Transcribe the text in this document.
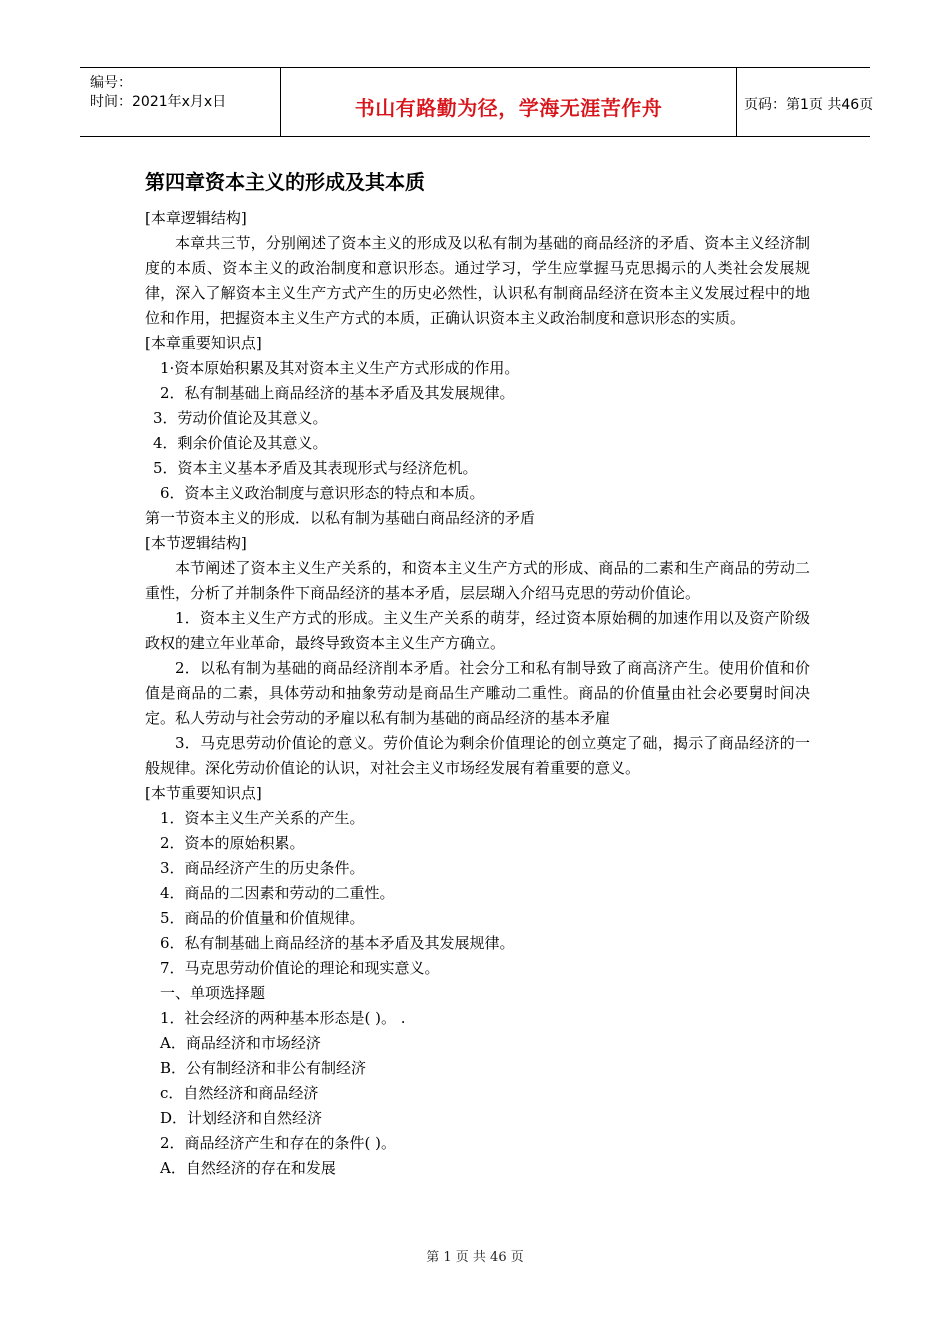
编号：
时间：2021年x月x日	书山有路勤为径，学海无涯苦作舟	页码：第1页 共46页
第四章资本主义的形成及其本质

[本章逻辑结构]

本章共三节，分别阐述了资本主义的形成及以私有制为基础的商品经济的矛盾、资本主义经济制度的本质、资本主义的政治制度和意识形态。通过学习，学生应掌握马克思揭示的人类社会发展规律，深入了解资本主义生产方式产生的历史必然性，认识私有制商品经济在资本主义发展过程中的地位和作用，把握资本主义生产方式的本质，正确认识资本主义政治制度和意识形态的实质。

[本章重要知识点]

1·资本原始积累及其对资本主义生产方式形成的作用。

2．私有制基础上商品经济的基本矛盾及其发展规律。

3．劳动价值论及其意义。

4．剩余价值论及其意义。

5．资本主义基本矛盾及其表现形式与经济危机。

6．资本主义政治制度与意识形态的特点和本质。

第一节资本主义的形成．以私有制为基础白商品经济的矛盾

[本节逻辑结构]

本节阐述了资本主义生产关系的，和资本主义生产方式的形成、商品的二素和生产商品的劳动二重性，分析了并制条件下商品经济的基本矛盾，层层瑚入介绍马克思的劳动价值论。

1．资本主义生产方式的形成。主义生产关系的萌芽，经过资本原始稠的加速作用以及资产阶级政权的建立年业革命，最终导致资本主义生产方确立。

2．以私有制为基础的商品经济削本矛盾。社会分工和私有制导致了商高济产生。使用价值和价值是商品的二素，具体劳动和抽象劳动是商品生产雕动二重性。商品的价值量由社会必要舅时间决定。私人劳动与社会劳动的矛雇以私有制为基础的商品经济的基本矛雇

3．马克思劳动价值论的意义。劳价值论为剩余价值理论的创立奠定了础，揭示了商品经济的一般规律。深化劳动价值论的认识，对社会主义市场经发展有着重要的意义。

[本节重要知识点]

1．资本主义生产关系的产生。

2．资本的原始积累。

3．商品经济产生的历史条件。

4．商品的二因素和劳动的二重性。

5．商品的价值量和价值规律。

6．私有制基础上商品经济的基本矛盾及其发展规律。

7．马克思劳动价值论的理论和现实意义。

一、单项选择题

1．社会经济的两种基本形态是( )。 .

A．商品经济和市场经济

B．公有制经济和非公有制经济

c．自然经济和商品经济

D．计划经济和自然经济

2．商品经济产生和存在的条件( )。

A．自然经济的存在和发展

第 1 页 共 46 页
